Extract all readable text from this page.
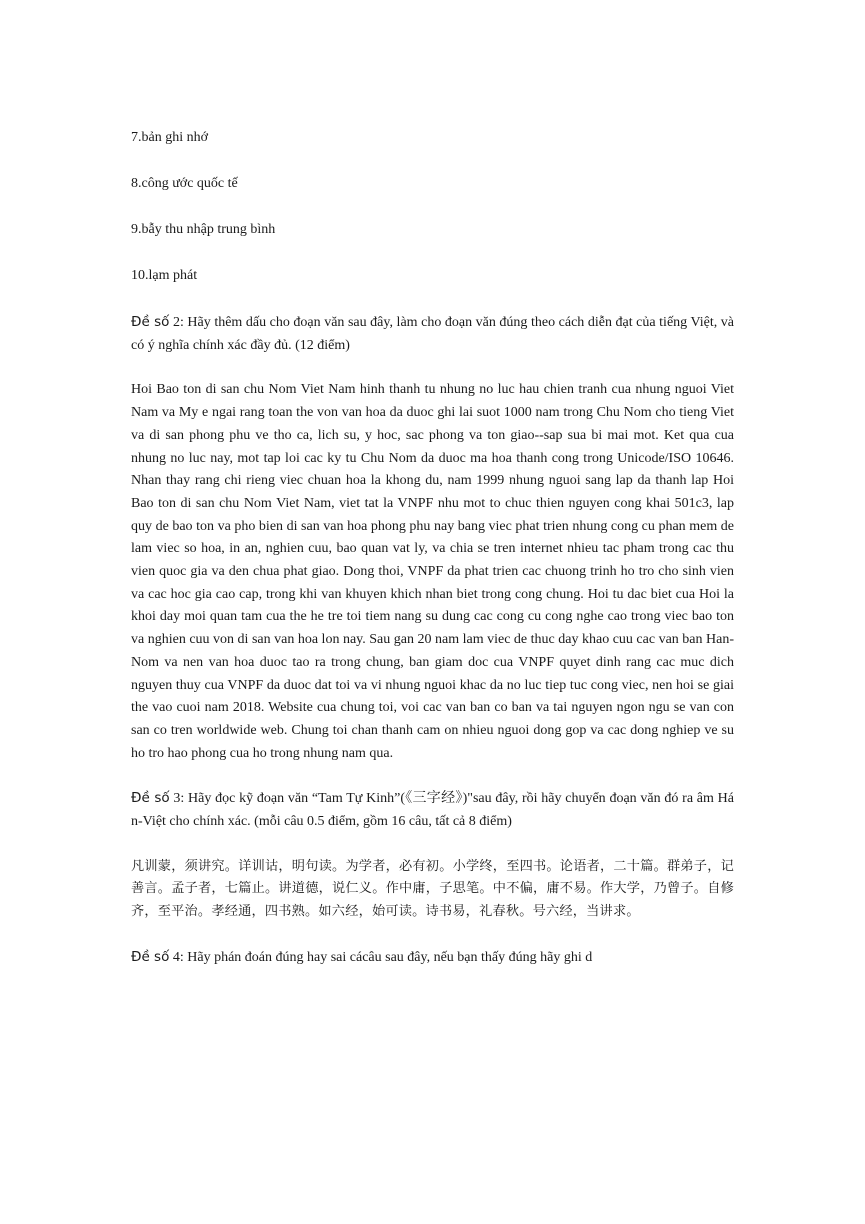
7.bản ghi nhớ
8.công ước quốc tế
9.bẫy thu nhập trung bình
10.lạm phát

Đề số 2: Hãy thêm dấu cho đoạn văn sau đây, làm cho đoạn văn đúng theo cách diễn đạt của tiếng Việt, và có ý nghĩa chính xác đầy đủ. (12 điểm)

Hoi Bao ton di san chu Nom Viet Nam hinh thanh tu nhung no luc hau chien tranh cua nhung nguoi Viet Nam va My e ngai rang toan the von van hoa da duoc ghi lai suot 1000 nam trong Chu Nom cho tieng Viet va di san phong phu ve tho ca, lich su, y hoc, sac phong va ton giao--sap sua bi mai mot. Ket qua cua nhung no luc nay, mot tap loi cac ky tu Chu Nom da duoc ma hoa thanh cong trong Unicode/ISO 10646. Nhan thay rang chi rieng viec chuan hoa la khong du, nam 1999 nhung nguoi sang lap da thanh lap Hoi Bao ton di san chu Nom Viet Nam, viet tat la VNPF nhu mot to chuc thien nguyen cong khai 501c3, lap quy de bao ton va pho bien di san van hoa phong phu nay bang viec phat trien nhung cong cu phan mem de lam viec so hoa, in an, nghien cuu, bao quan vat ly, va chia se tren internet nhieu tac pham trong cac thu vien quoc gia va den chua phat giao. Dong thoi, VNPF da phat trien cac chuong trinh ho tro cho sinh vien va cac hoc gia cao cap, trong khi van khuyen khich nhan biet trong cong chung. Hoi tu dac biet cua Hoi la khoi day moi quan tam cua the he tre toi tiem nang su dung cac cong cu cong nghe cao trong viec bao ton va nghien cuu von di san van hoa lon nay. Sau gan 20 nam lam viec de thuc day khao cuu cac van ban Han-Nom va nen van hoa duoc tao ra trong chung, ban giam doc cua VNPF quyet dinh rang cac muc dich nguyen thuy cua VNPF da duoc dat toi va vi nhung nguoi khac da no luc tiep tuc cong viec, nen hoi se giai the vao cuoi nam 2018. Website cua chung toi, voi cac van ban co ban va tai nguyen ngon ngu se van con san co tren worldwide web. Chung toi chan thanh cam on nhieu nguoi dong gop va cac dong nghiep ve su ho tro hao phong cua ho trong nhung nam qua.

Đề số 3: Hãy đọc kỹ đoạn văn “Tam Tự Kinh”(《三字经》)"sau đây, rồi hãy chuyển đoạn văn đó ra âm Hán-Việt cho chính xác. (mỗi câu 0.5 điểm, gồm 16 câu, tất cả 8 điểm)

凡训蒙，须讲究。详训诂，明句读。为学者，必有初。小学终，至四书。论语者，二十篇。群弟子，记善言。孟子者，七篇止。讲道德，说仁义。作中庸，子思笔。中不偏，庸不易。作大学，乃曾子。自修齐，至平治。孝经通，四书熟。如六经，始可读。诗书易，礼春秋。号六经，当讲求。

Đề số 4: Hãy phán đoán đúng hay sai cácâu sau đây, nếu bạn thấy đúng hãy ghi d
